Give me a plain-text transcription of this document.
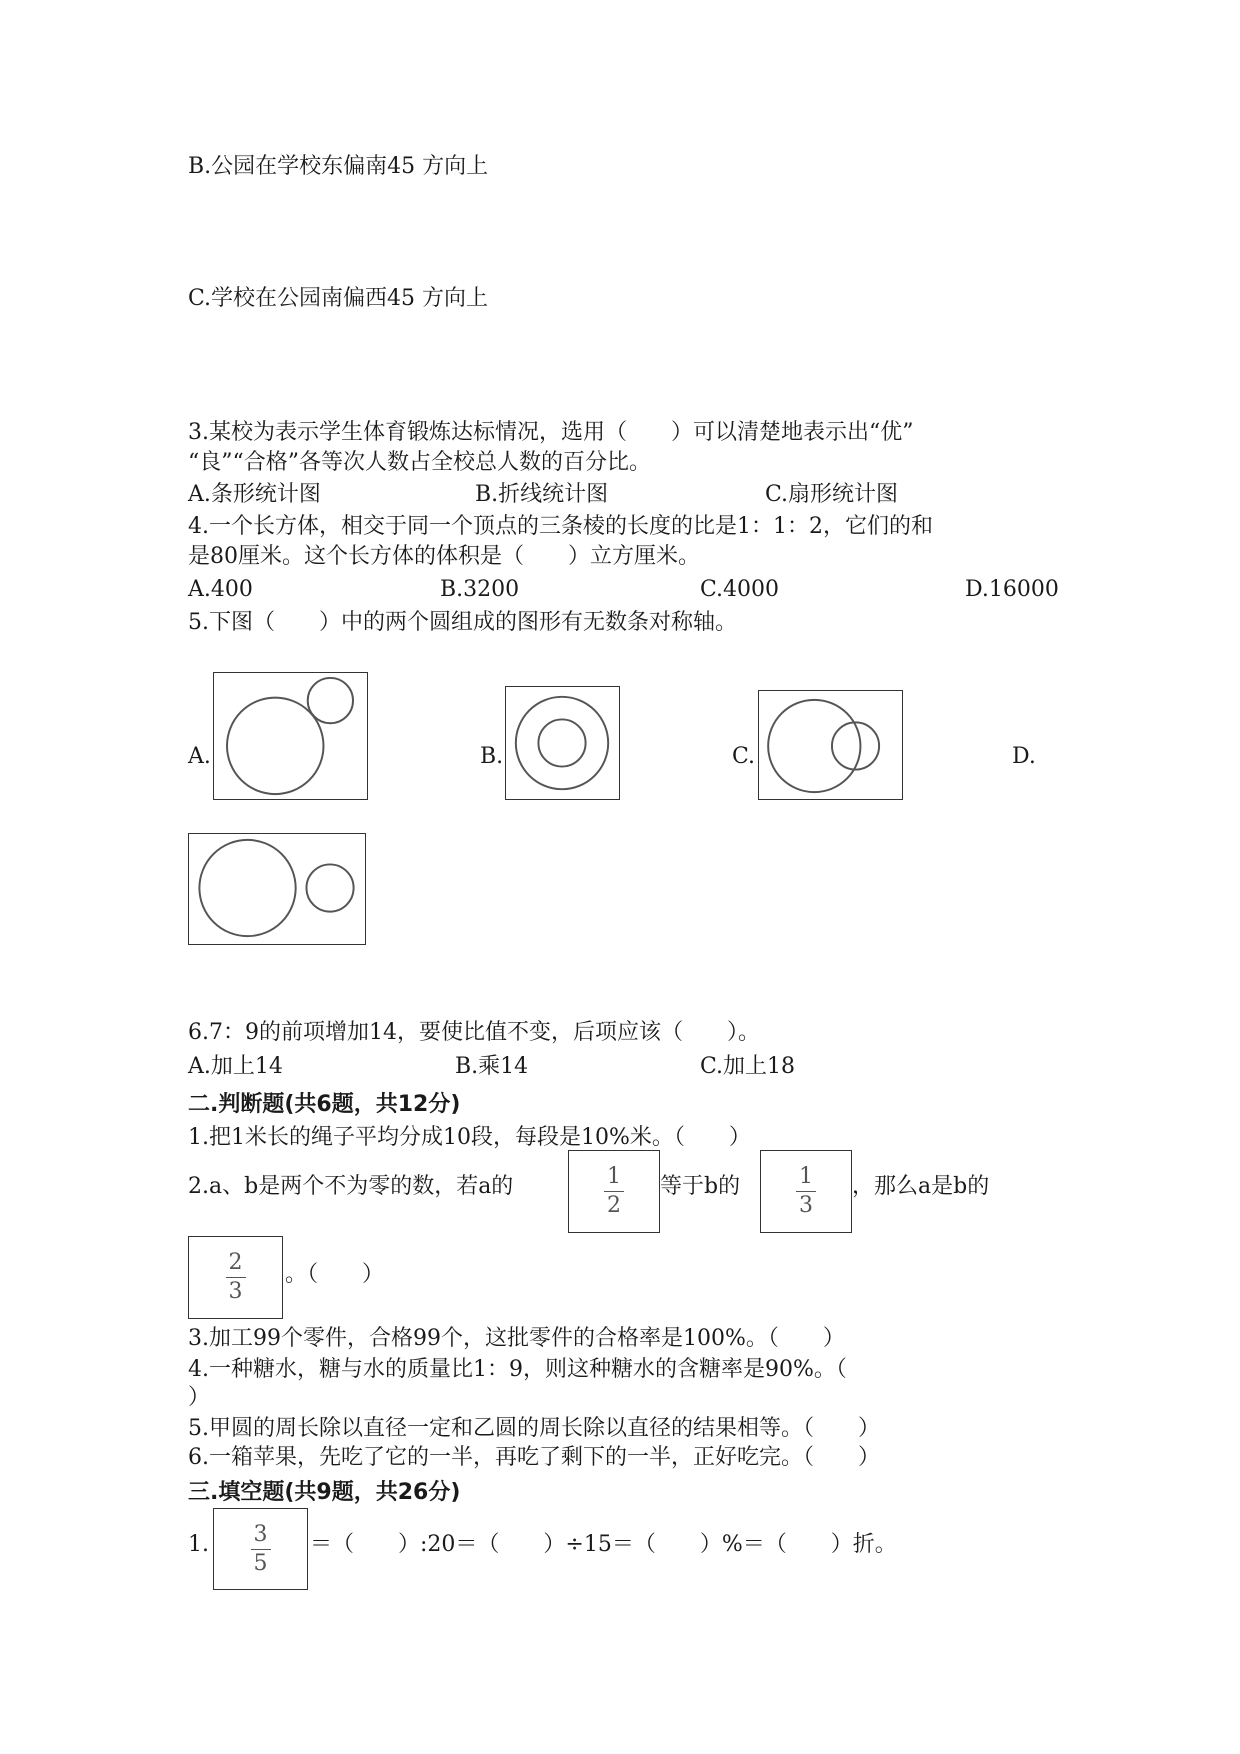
B.公园在学校东偏南45 方向上
C.学校在公园南偏西45 方向上
3.某校为表示学生体育锻炼达标情况，选用（　　）可以清楚地表示出“优”
“良”“合格”各等次人数占全校总人数的百分比。
A.条形统计图	B.折线统计图	C.扇形统计图
4.一个长方体，相交于同一个顶点的三条棱的长度的比是1：1：2，它们的和
是80厘米。这个长方体的体积是（　　）立方厘米。
A.400	B.3200	C.4000	D.16000
5.下图（　　）中的两个圆组成的图形有无数条对称轴。
A.	B.	C.	D.
6.7：9的前项增加14，要使比值不变，后项应该（　　）。
A.加上14	B.乘14	C.加上18
二.判断题(共6题，共12分)
1.把1米长的绳子平均分成10段，每段是10%米。（　　）
2.a、b是两个不为零的数，若a的	$\frac{1}{2}$ 等于b的	$\frac{1}{3}$ ，那么a是b的
$\frac{2}{3}$ 。（　　）
3.加工99个零件，合格99个，这批零件的合格率是100%。（　　）
4.一种糖水，糖与水的质量比1：9，则这种糖水的含糖率是90%。（
）
5.甲圆的周长除以直径一定和乙圆的周长除以直径的结果相等。（　　）
6.一箱苹果，先吃了它的一半，再吃了剩下的一半，正好吃完。（　　）
三.填空题(共9题，共26分)
1. $\frac{3}{5}$ ＝（　　）:20＝（　　）÷15＝（　　）%＝（　　）折。
